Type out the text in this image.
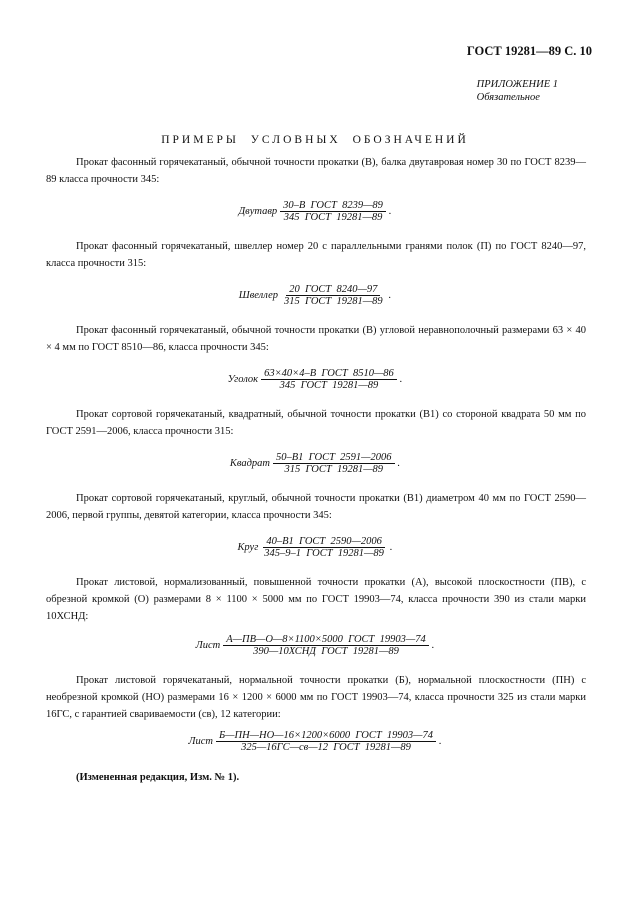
ГОСТ 19281—89 С. 10
ПРИЛОЖЕНИЕ 1
Обязательное
ПРИМЕРЫ УСЛОВНЫХ ОБОЗНАЧЕНИЙ
Прокат фасонный горячекатаный, обычной точности прокатки (В), балка двутавровая номер 30 по ГОСТ 8239—89 класса прочности 345:
Двутавр $\frac{\text{30–В  ГОСТ  8239—89}}{\text{345  ГОСТ  19281—89}}$ .
Прокат фасонный горячекатаный, швеллер номер 20 с параллельными гранями полок (П) по ГОСТ 8240—97, класса прочности 315:
Швеллер $\frac{\text{20  ГОСТ  8240—97}}{\text{315  ГОСТ  19281—89}}$ .
Прокат фасонный горячекатаный, обычной точности прокатки (В) угловой неравнополочный размерами 63 × 40 × 4 мм по ГОСТ 8510—86, класса прочности 345:
Уголок $\frac{\text{63×40×4–В  ГОСТ  8510—86}}{\text{345  ГОСТ  19281—89}}$ .
Прокат сортовой горячекатаный, квадратный, обычной точности прокатки (В1) со стороной квадрата 50 мм по ГОСТ 2591—2006, класса прочности 315:
Квадрат $\frac{\text{50–В1  ГОСТ  2591—2006}}{\text{315  ГОСТ  19281—89}}$ .
Прокат сортовой горячекатаный, круглый, обычной точности прокатки (В1) диаметром 40 мм по ГОСТ 2590—2006, первой группы, девятой категории, класса прочности 345:
Круг $\frac{\text{40–В1  ГОСТ  2590—2006}}{\text{345–9–1  ГОСТ  19281—89}}$ .
Прокат листовой, нормализованный, повышенной точности прокатки (А), высокой плоскостности (ПВ), с обрезной кромкой (О) размерами 8 × 1100 × 5000 мм по ГОСТ 19903—74, класса прочности 390 из стали марки 10ХСНД:
Лист $\frac{\text{А—ПВ—О—8×1100×5000  ГОСТ  19903—74}}{\text{390—10ХСНД  ГОСТ  19281—89}}$ .
Прокат листовой горячекатаный, нормальной точности прокатки (Б), нормальной плоскостности (ПН) с необрезной кромкой (НО) размерами 16 × 1200 × 6000 мм по ГОСТ 19903—74, класса прочности 325 из стали марки 16ГС, с гарантией свариваемости (св), 12 категории:
Лист $\frac{\text{Б—ПН—НО—16×1200×6000  ГОСТ  19903—74}}{\text{325—16ГС—св—12  ГОСТ  19281—89}}$ .
(Измененная редакция, Изм. № 1).
